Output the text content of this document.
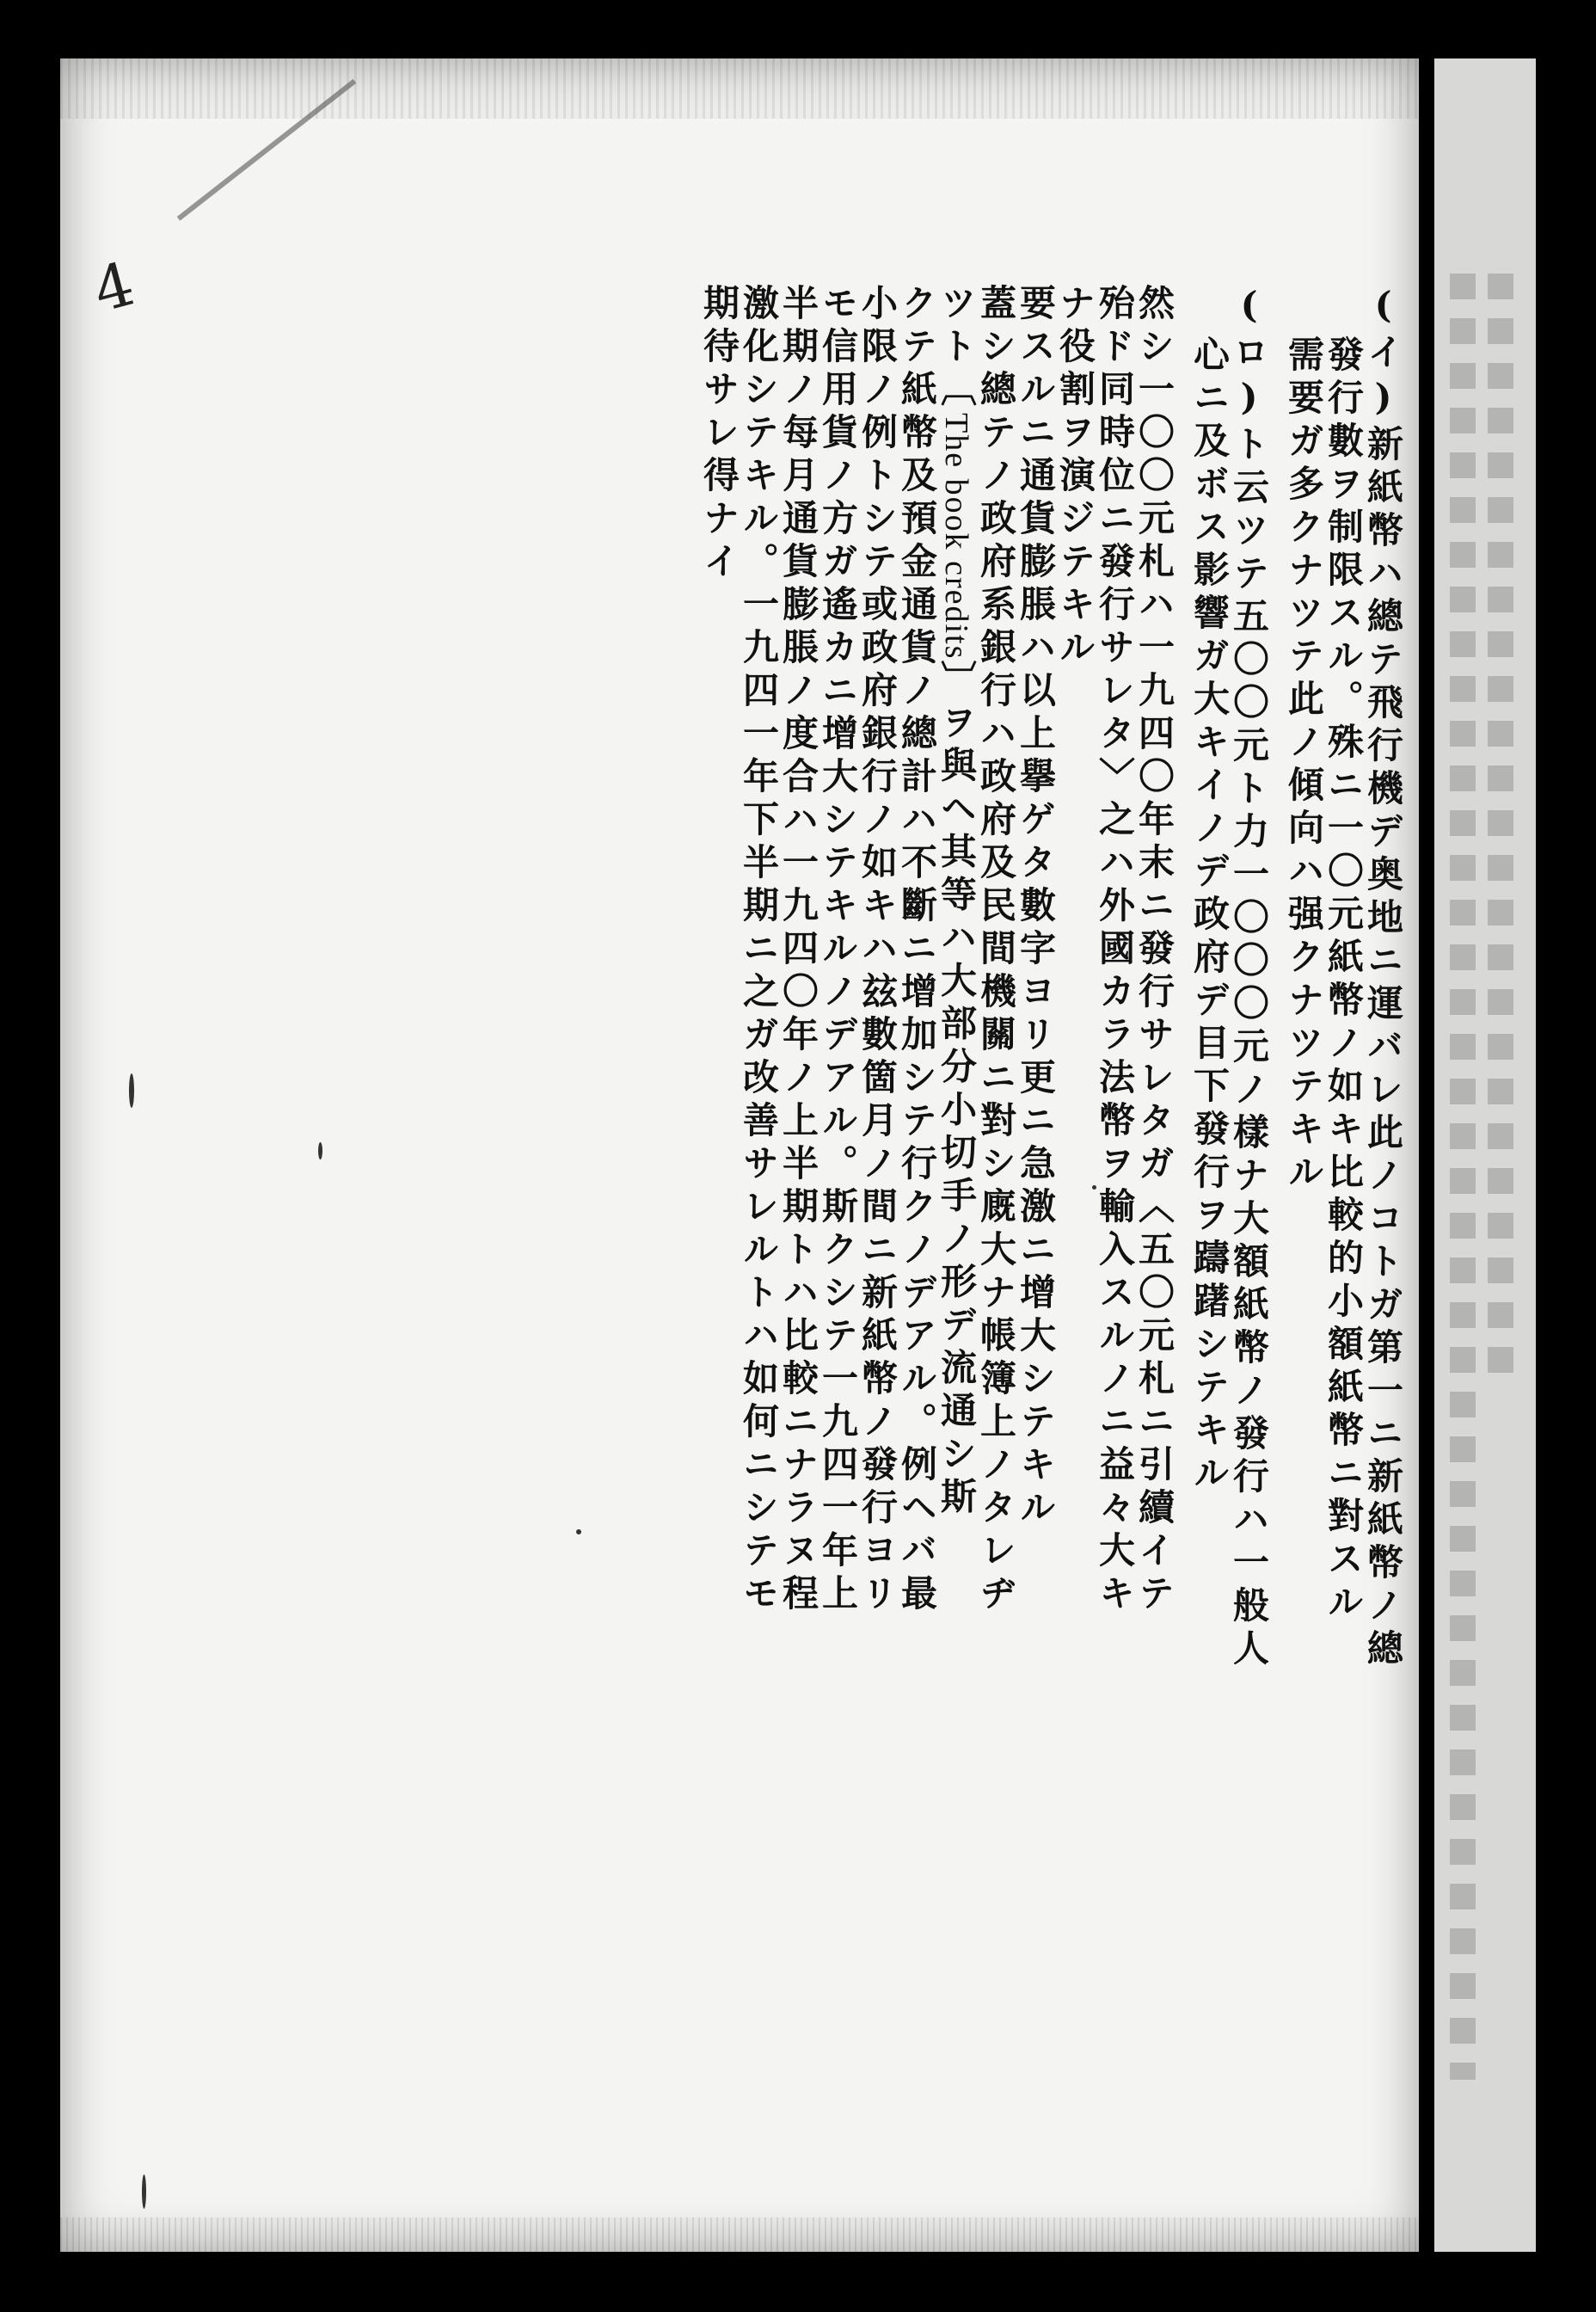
4	(イ)新紙幣ハ總テ飛行機デ奥地ニ運バレ此ノコトガ第一ニ新紙幣ノ總
發行數ヲ制限スル。殊ニ一〇元紙幣ノ如キ比較的小額紙幣ニ對スル
需要ガ多クナツテ此ノ傾向ハ强クナツテキル
(ロ)ト云ツテ五〇〇元ト力一〇〇〇元ノ樣ナ大額紙幣ノ發行ハ一般人
心ニ及ボス影響ガ大キイノデ政府デ目下發行ヲ躊躇シテキル
然シ一〇〇元札ハ一九四〇年末ニ發行サレタガ〈五〇元札ニ引續イテ
殆ド同時位ニ發行サレタ〉之ハ外國カラ法幣ヲ輸入スルノニ益々大キ
ナ役割ヲ演ジテキル
要スルニ通貨膨脹ハ以上擧ゲタ數字ヨリ更ニ急激ニ增大シテキル
蓋シ總テノ政府系銀行ハ政府及民間機關ニ對シ廐大ナ帳簿上ノタレヂ
ツト〔The book credits〕ヲ與ヘ其等ハ大部分小切手ノ形デ流通シ斯
クテ紙幣及預金通貨ノ總計ハ不斷ニ增加シテ行クノデアル。例ヘバ最
小限ノ例トシテ或政府銀行ノ如キハ玆數箇月ノ間ニ新紙幣ノ發行ヨリ
モ信用貨ノ方ガ遙カニ增大シテキルノデアル。斯クシテ一九四一年上
半期ノ每月通貨膨脹ノ度合ハ一九四〇年ノ上半期トハ比較ニナラヌ程
激化シテキル。一九四一年下半期ニ之ガ改善サレルトハ如何ニシテモ
期待サレ得ナイ
